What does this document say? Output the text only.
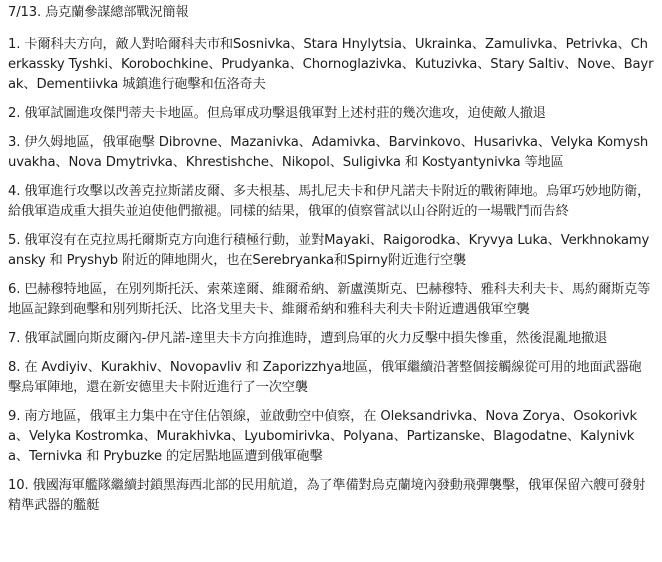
7/13. 烏克蘭參謀總部戰況簡報

1. 卡爾科夫方向，敵人對哈爾科夫市和Sosnivka、Stara Hnylytsia、Ukrainka、Zamulivka、Petrivka、Cherkassky Tyshki、Korobochkine、Prudyanka、Chornoglazivka、Kutuzivka、Stary Saltiv、Nove、Bayrak、Dementiivka 城鎮進行砲擊和伍洛奇夫

2. 俄軍試圖進攻傑門蒂夫卡地區。但烏軍成功擊退俄軍對上述村莊的幾次進攻，迫使敵人撤退

3. 伊久姆地區，俄軍砲擊 Dibrovne、Mazanivka、Adamivka、Barvinkovo、Husarivka、Velyka Komyshuvakha、Nova Dmytrivka、Khrestishche、Nikopol、Suligivka 和 Kostyantynivka 等地區

4. 俄軍進行攻擊以改善克拉斯諾皮爾、多夫根基、馬扎尼夫卡和伊凡諾夫卡附近的戰術陣地。烏軍巧妙地防衛，給俄軍造成重大損失並迫使他們撤褪。同樣的結果，俄軍的偵察嘗試以山谷附近的一場戰鬥而告終

5. 俄軍沒有在克拉馬托爾斯克方向進行積極行動，並對Mayaki、Raigorodka、Kryvya Luka、Verkhnokamyansky 和 Pryshyb 附近的陣地開火，也在Serebryanka和Spirny附近進行空襲

6. 巴赫穆特地區，在別列斯托沃、索萊達爾、維爾希納、新盧漢斯克、巴赫穆特、雅科夫利夫卡、馬約爾斯克等地區記錄到砲擊和別列斯托沃、比洛戈里夫卡、維爾希納和雅科夫利夫卡附近遭遇俄軍空襲

7. 俄軍試圖向斯皮爾內-伊凡諾-達里夫卡方向推進時，遭到烏軍的火力反擊中損失慘重，然後混亂地撤退

8. 在 Avdiyiv、Kurakhiv、Novopavliv 和 Zaporizzhya地區，俄軍繼續沿著整個接觸線從可用的地面武器砲擊烏軍陣地，還在新安德里夫卡附近進行了一次空襲

9. 南方地區，俄軍主力集中在守住佔領線，並啟動空中偵察，在 Oleksandrivka、Nova Zorya、Osokorivka、Velyka Kostromka、Murakhivka、Lyubomirivka、Polyana、Partizanske、Blagodatne、Kalynivka、Ternivka 和 Prybuzke 的定居點地區遭到俄軍砲擊

10. 俄國海軍艦隊繼續封鎖黑海西北部的民用航道，為了準備對烏克蘭境內發動飛彈襲擊，俄軍保留六艘可發射精準武器的艦艇
